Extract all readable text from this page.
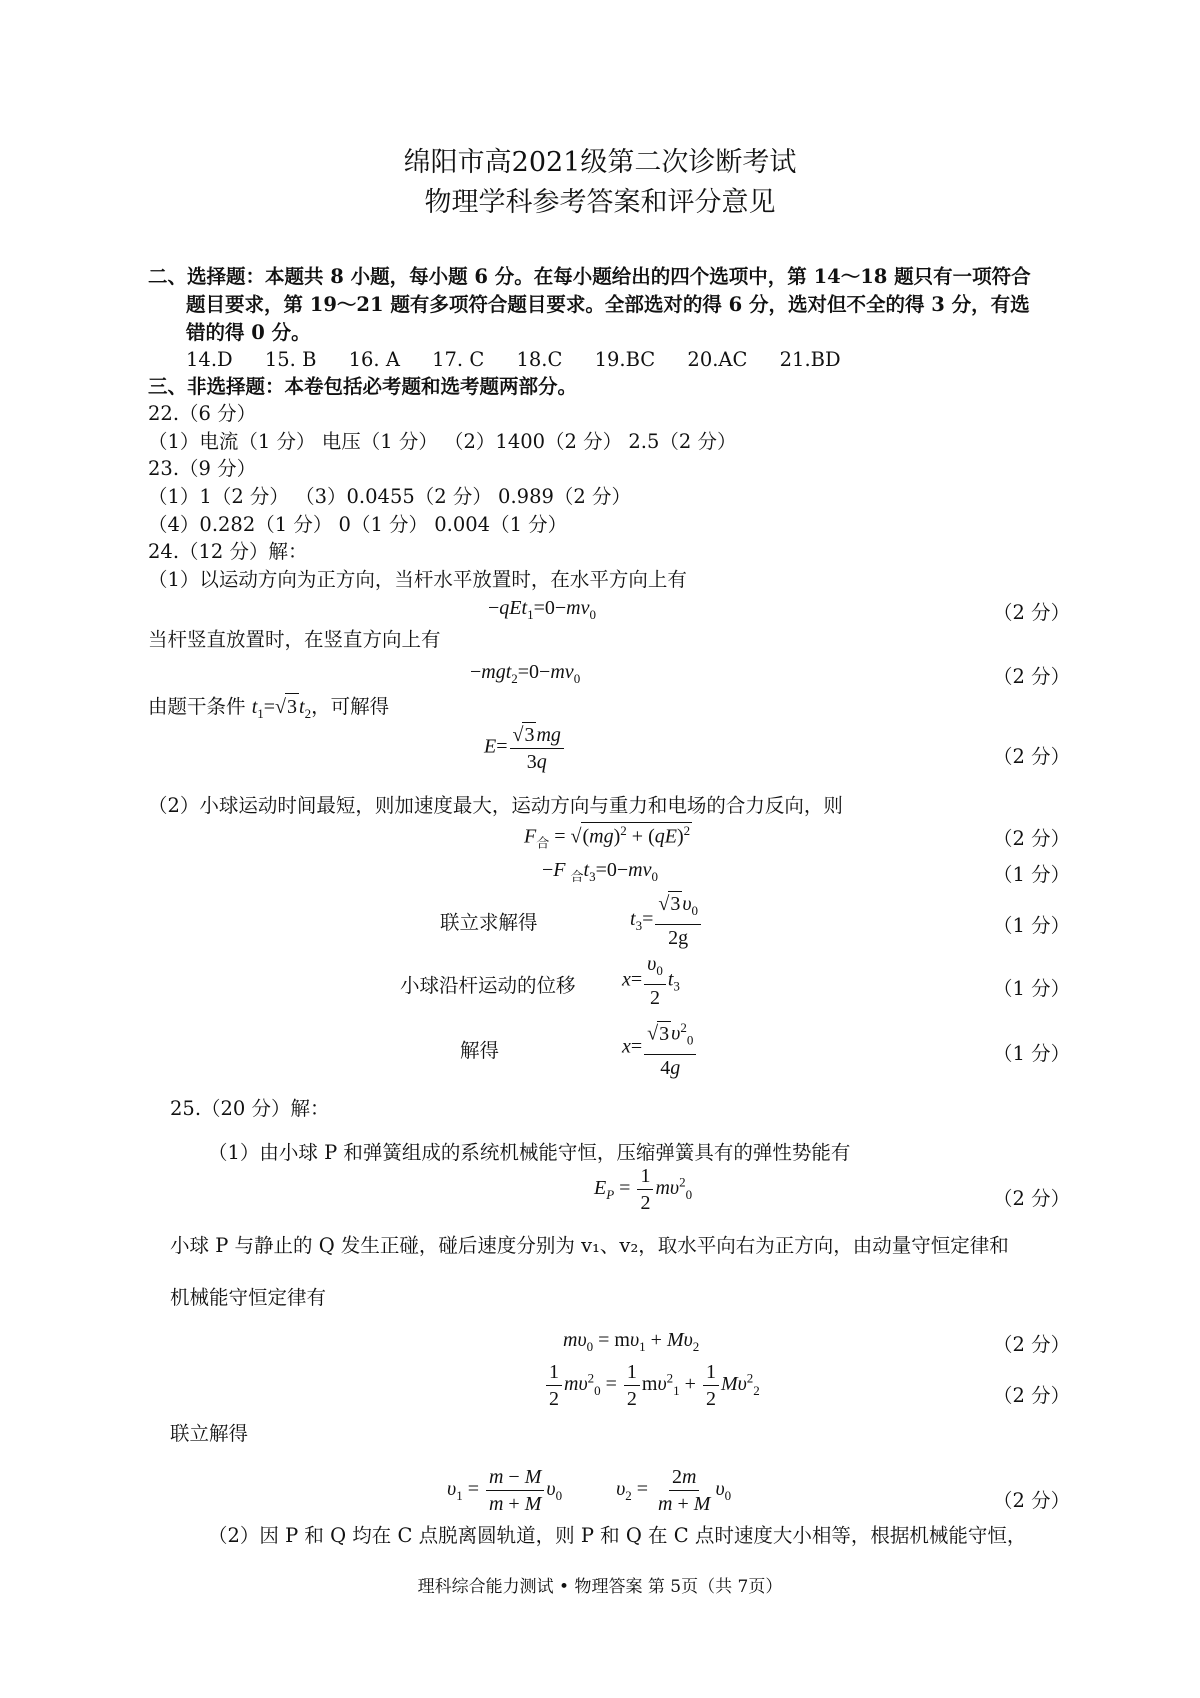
绵阳市高2021级第二次诊断考试
物理学科参考答案和评分意见
二、选择题：本题共 8 小题，每小题 6 分。在每小题给出的四个选项中，第 14～18 题只有一项符合
题目要求，第 19～21 题有多项符合题目要求。全部选对的得 6 分，选对但不全的得 3 分，有选
错的得 0 分。
14.D 15. B 16. A 17. C 18.C 19.BC 20.AC 21.BD
三、非选择题：本卷包括必考题和选考题两部分。
22.（6 分）
（1）电流（1 分） 电压（1 分） （2）1400（2 分） 2.5（2 分）
23.（9 分）
（1）1（2 分） （3）0.0455（2 分） 0.989（2 分）
（4）0.282（1 分） 0（1 分） 0.004（1 分）
24.（12 分）解：
（1）以运动方向为正方向，当杆水平放置时，在水平方向上有
$-qEt_1=0-mv_0$	（2 分）
当杆竖直放置时，在竖直方向上有
$-mgt_2=0-mv_0$	（2 分）
由题干条件 $t_1=√3$ $t_2$，可解得
$E= \frac{√3 mg}{3q}$	（2 分）
（2）小球运动时间最短，则加速度最大，运动方向与重力和电场的合力反向，则
$F_合 = √(mg)^2 + (qE)^2$	（2 分）
−F $_合t_3=0-mv_0$	（1 分）
联立求解得	$t_3= \frac{√3 \upsilon_0}{2g}$	（1 分）
小球沿杆运动的位移 $x= \frac{\upsilon_0}{2} t_3$	（1 分）
解得	$x= \frac{√3 \upsilon^2_0}{4g}$	（1 分）
25.（20 分）解：
（1）由小球 P 和弹簧组成的系统机械能守恒，压缩弹簧具有的弹性势能有
$E_P = \frac{1}{2} m\upsilon^2_0$	（2 分）
小球 P 与静止的 Q 发生正碰，碰后速度分别为 v₁、v₂，取水平向右为正方向，由动量守恒定律和
机械能守恒定律有
$m\upsilon_0 = m\upsilon_1 + M\upsilon_2$	（2 分）
$\frac{1}{2} m\upsilon^2_0 = \frac{1}{2} m\upsilon^2_1 + \frac{1}{2} M\upsilon^2_2$	（2 分）
联立解得
$\upsilon_1 = \frac{m - M}{m + M} \upsilon_0$	$\upsilon_2 = \frac{2m}{m + M} \upsilon_0$	（2 分）
（2）因 P 和 Q 均在 C 点脱离圆轨道，则 P 和 Q 在 C 点时速度大小相等，根据机械能守恒，
理科综合能力测试 • 物理答案 第 5页（共 7页）
